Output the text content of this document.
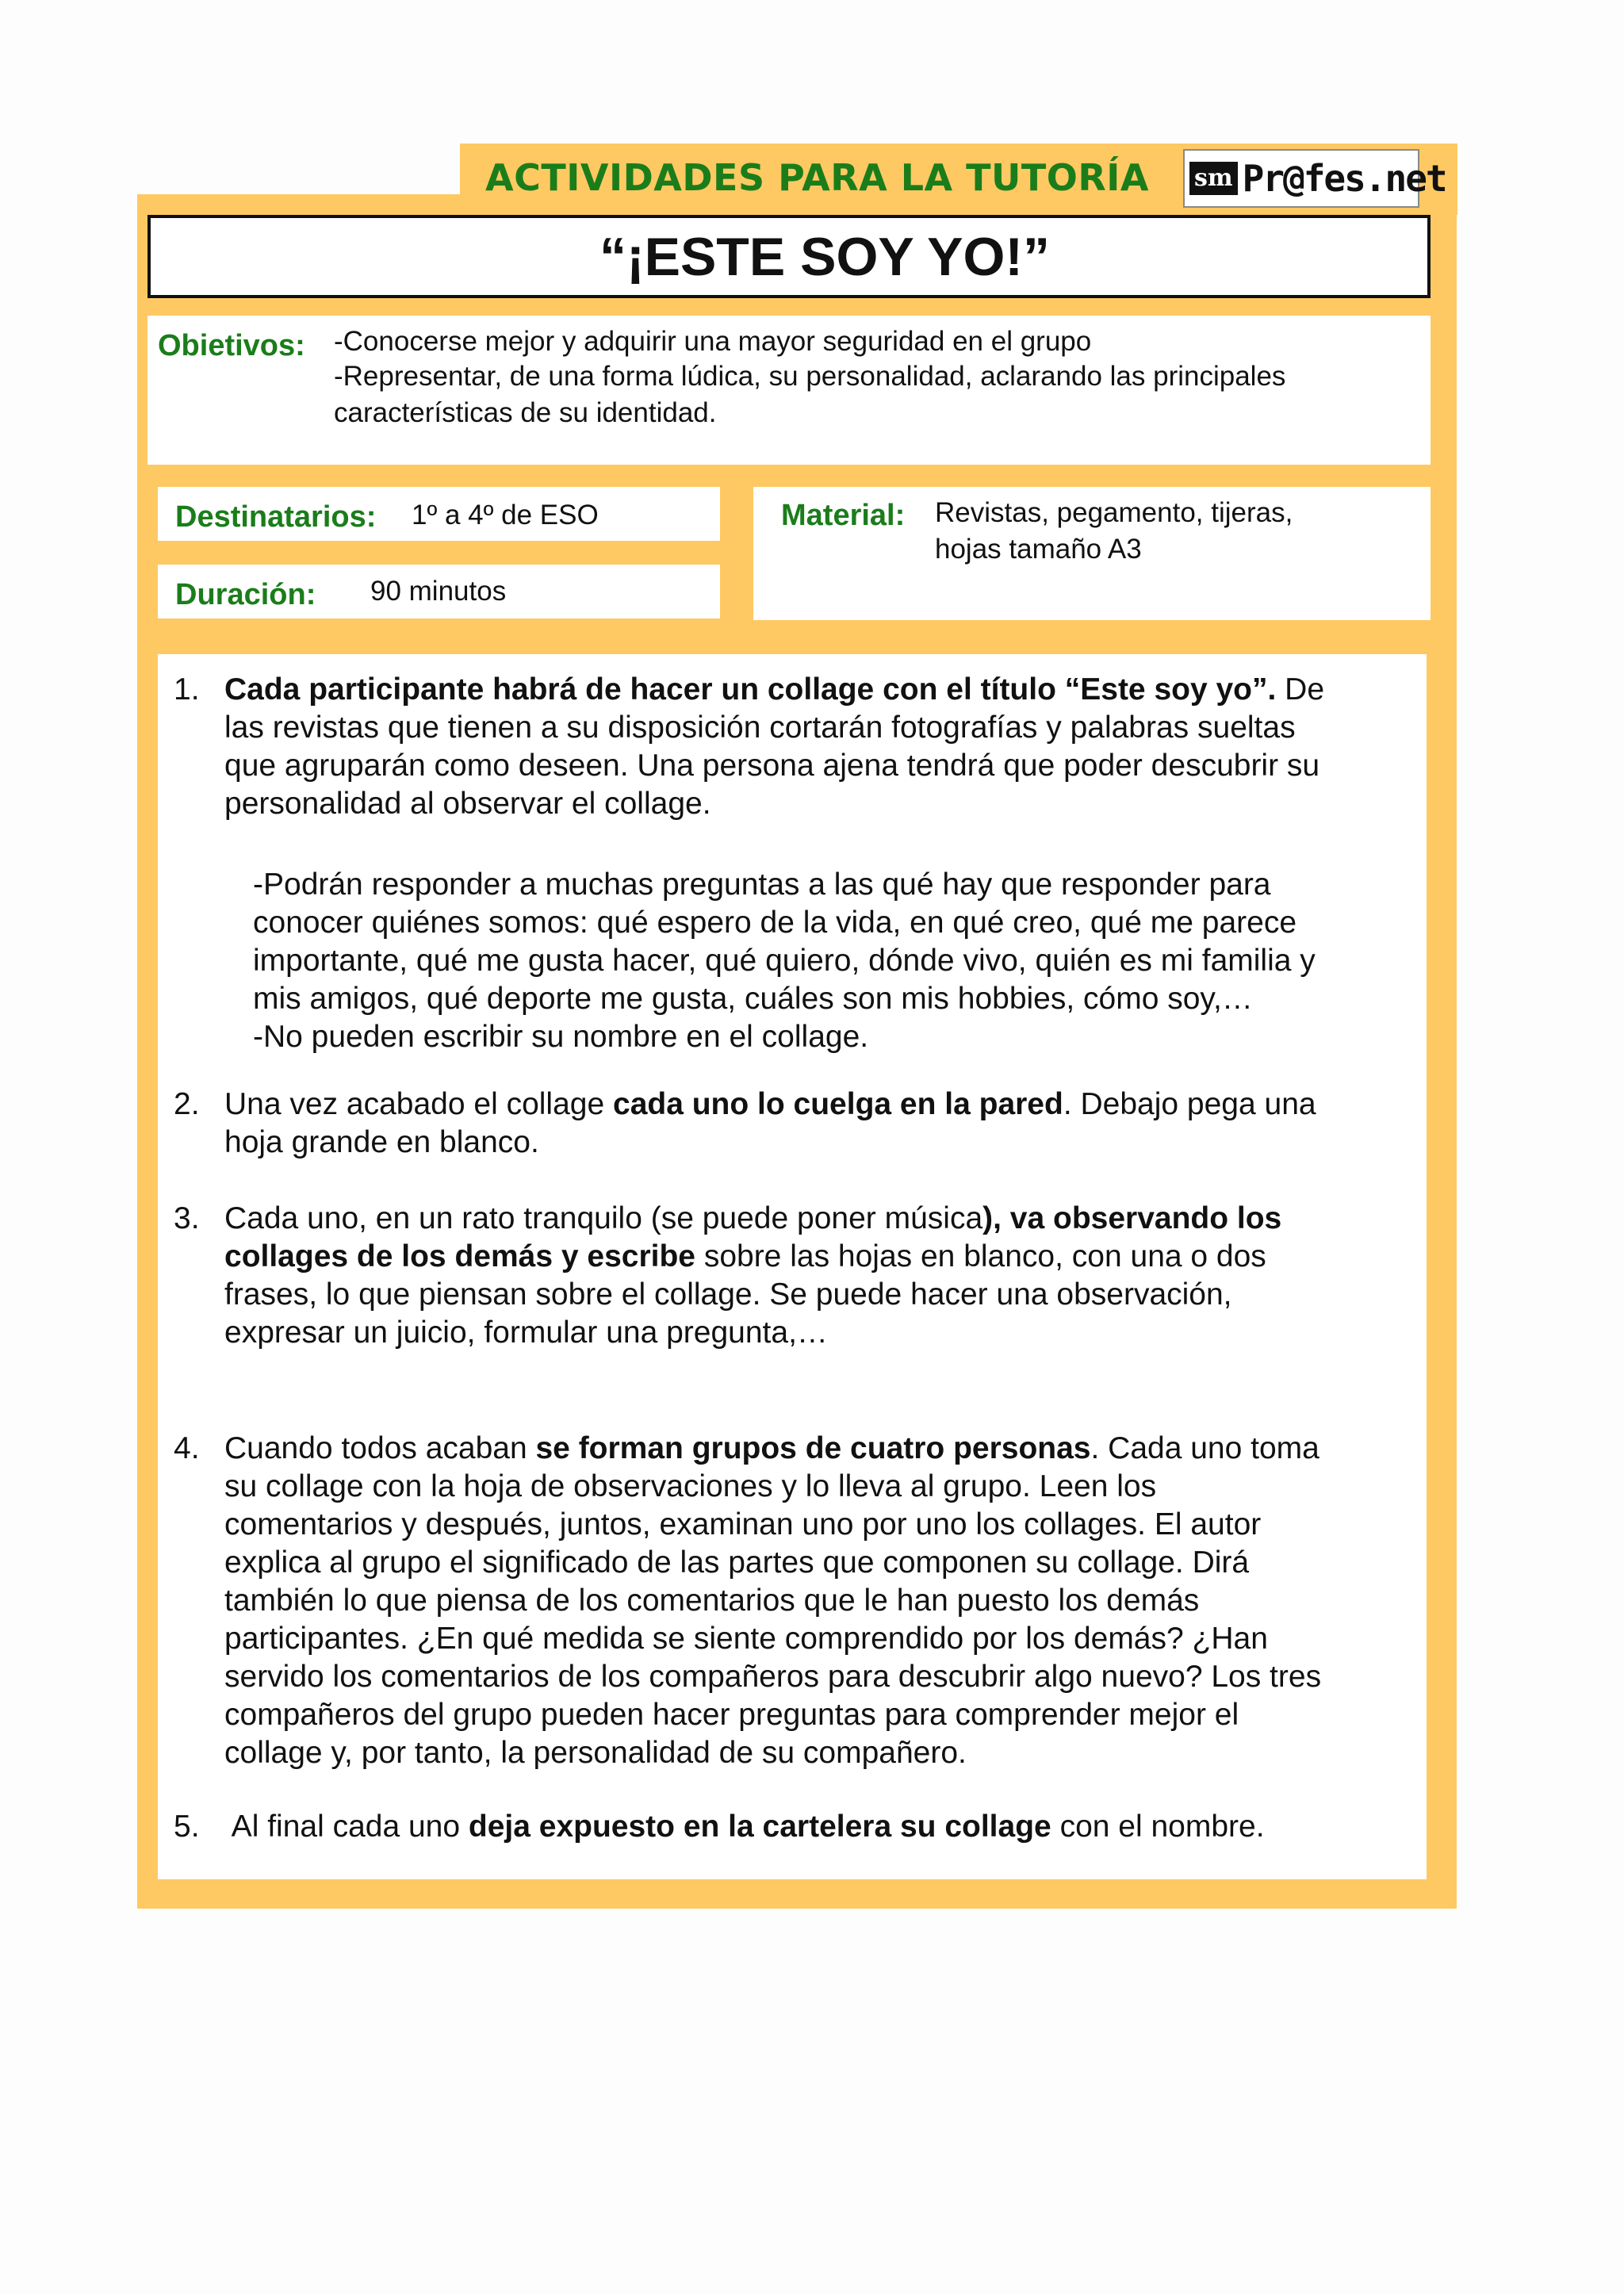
ACTIVIDADES PARA LA TUTORÍA sm Pr@fes.net
“¡ESTE SOY YO!”
Obietivos: -Conocerse mejor y adquirir una mayor seguridad en el grupo
-Representar, de una forma lúdica, su personalidad, aclarando las principales
características de su identidad.
Destinatarios: 1º a 4º de ESO
Duración: 90 minutos
Material: Revistas, pegamento, tijeras,
hojas tamaño A3
1. Cada participante habrá de hacer un collage con el título “Este soy yo”. De
las revistas que tienen a su disposición cortarán fotografías y palabras sueltas
que agruparán como deseen. Una persona ajena tendrá que poder descubrir su
personalidad al observar el collage.
-Podrán responder a muchas preguntas a las qué hay que responder para
conocer quiénes somos: qué espero de la vida, en qué creo, qué me parece
importante, qué me gusta hacer, qué quiero, dónde vivo, quién es mi familia y
mis amigos, qué deporte me gusta, cuáles son mis hobbies, cómo soy,…
-No pueden escribir su nombre en el collage.
2. Una vez acabado el collage cada uno lo cuelga en la pared. Debajo pega una
hoja grande en blanco.
3. Cada uno, en un rato tranquilo (se puede poner música), va observando los
collages de los demás y escribe sobre las hojas en blanco, con una o dos
frases, lo que piensan sobre el collage. Se puede hacer una observación,
expresar un juicio, formular una pregunta,…
4. Cuando todos acaban se forman grupos de cuatro personas. Cada uno toma
su collage con la hoja de observaciones y lo lleva al grupo. Leen los
comentarios y después, juntos, examinan uno por uno los collages. El autor
explica al grupo el significado de las partes que componen su collage. Dirá
también lo que piensa de los comentarios que le han puesto los demás
participantes. ¿En qué medida se siente comprendido por los demás? ¿Han
servido los comentarios de los compañeros para descubrir algo nuevo? Los tres
compañeros del grupo pueden hacer preguntas para comprender mejor el
collage y, por tanto, la personalidad de su compañero.
5. Al final cada uno deja expuesto en la cartelera su collage con el nombre.
